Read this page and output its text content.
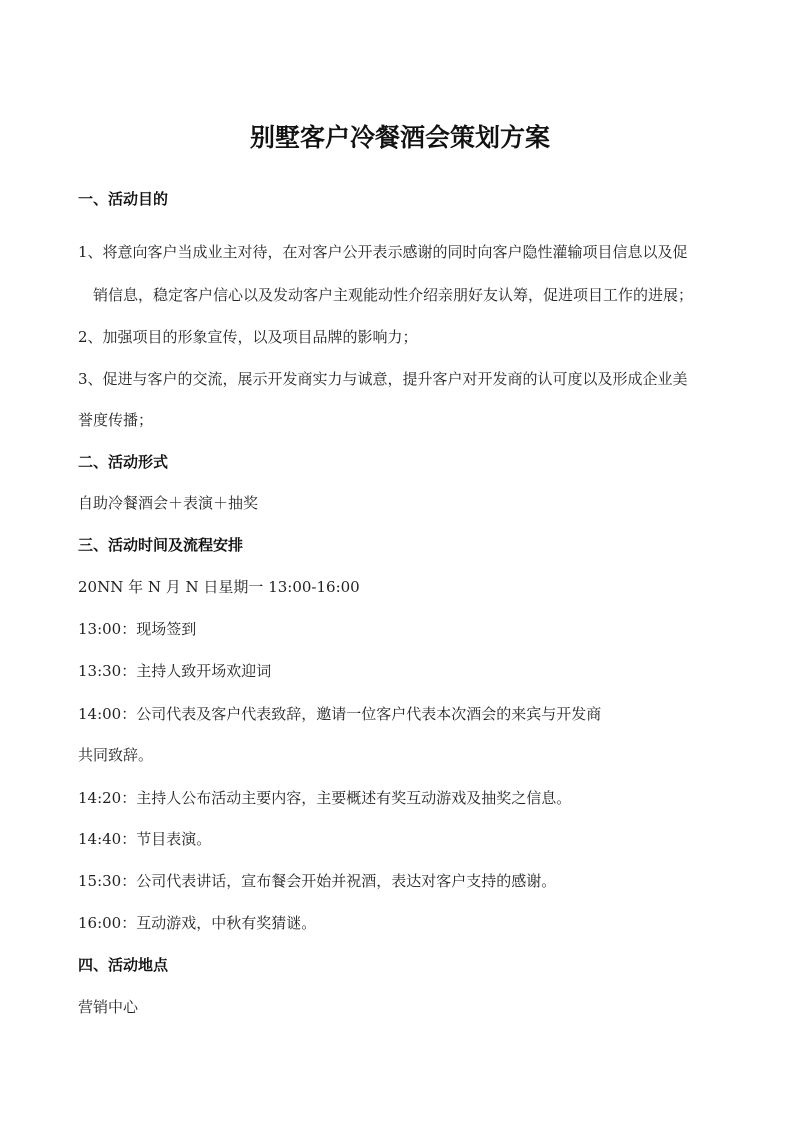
别墅客户冷餐酒会策划方案

一、活动目的

1、将意向客户当成业主对待，在对客户公开表示感谢的同时向客户隐性灌输项目信息以及促

销信息，稳定客户信心以及发动客户主观能动性介绍亲朋好友认筹，促进项目工作的进展；

2、加强项目的形象宣传，以及项目品牌的影响力；

3、促进与客户的交流，展示开发商实力与诚意，提升客户对开发商的认可度以及形成企业美

誉度传播；

二、活动形式

自助冷餐酒会＋表演＋抽奖

三、活动时间及流程安排

20NN 年 N 月 N 日星期一 13:00-16:00

13:00：现场签到

13:30：主持人致开场欢迎词

14:00：公司代表及客户代表致辞，邀请一位客户代表本次酒会的来宾与开发商

共同致辞。

14:20：主持人公布活动主要内容，主要概述有奖互动游戏及抽奖之信息。

14:40：节目表演。

15:30：公司代表讲话，宣布餐会开始并祝酒，表达对客户支持的感谢。

16:00：互动游戏，中秋有奖猜谜。

四、活动地点

营销中心
